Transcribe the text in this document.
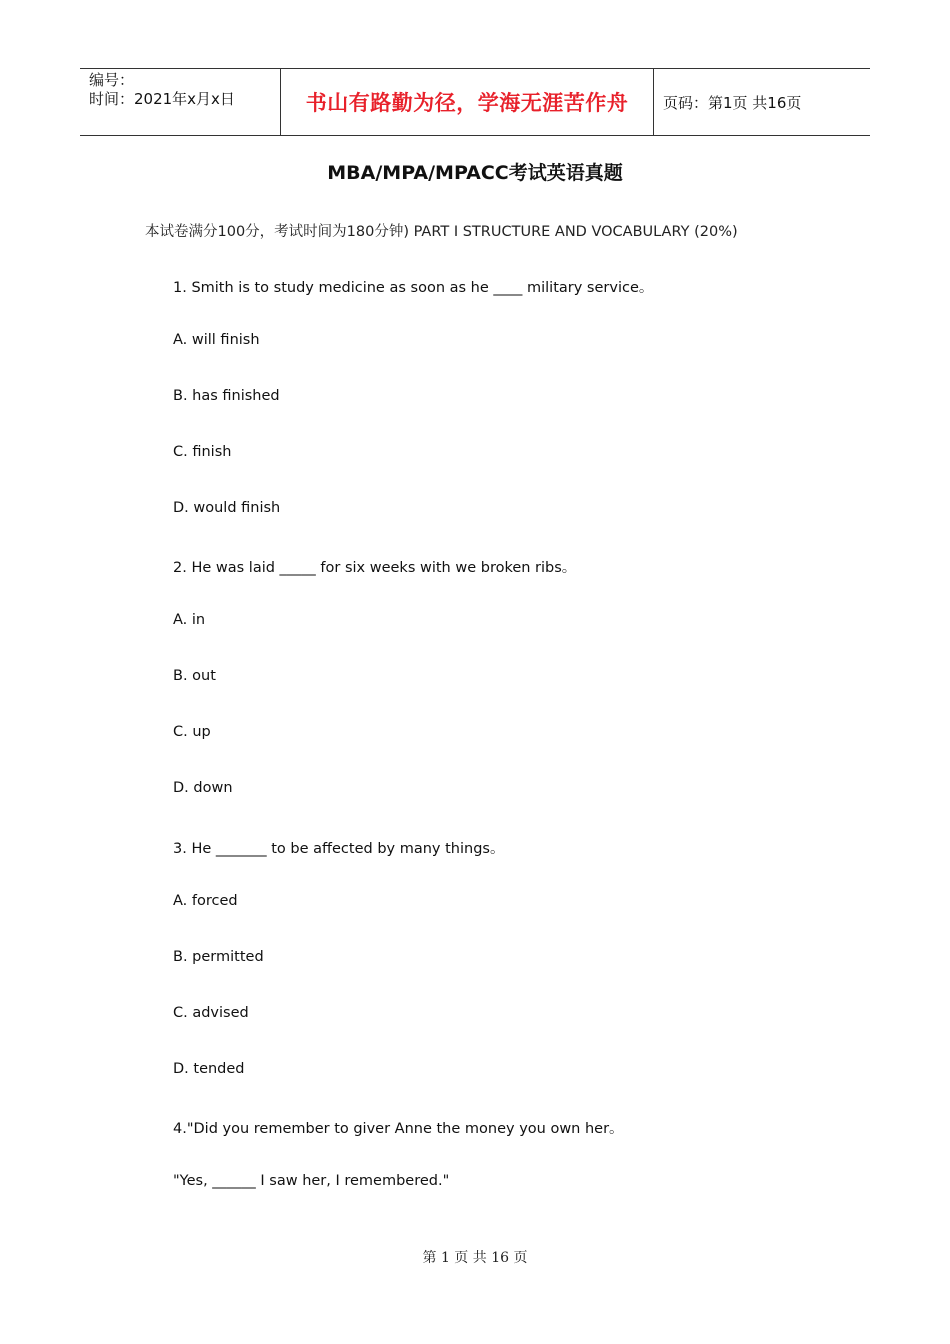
编号：
时间：2021年x月x日	书山有路勤为径，学海无涯苦作舟 页码：第1页 共16页
MBA/MPA/MPACC考试英语真题
本试卷满分100分，考试时间为180分钟) PART I STRUCTURE AND VOCABULARY (20%)
1. Smith is to study medicine as soon as he ____ military service。
A. will finish
B. has finished
C. finish
D. would finish
2. He was laid _____ for six weeks with we broken ribs。
A. in
B. out
C. up
D. down
3. He _______ to be affected by many things。
A. forced
B. permitted
C. advised
D. tended
4."Did you remember to giver Anne the money you own her。
"Yes, ______ I saw her, I remembered."
第 1 页 共 16 页
